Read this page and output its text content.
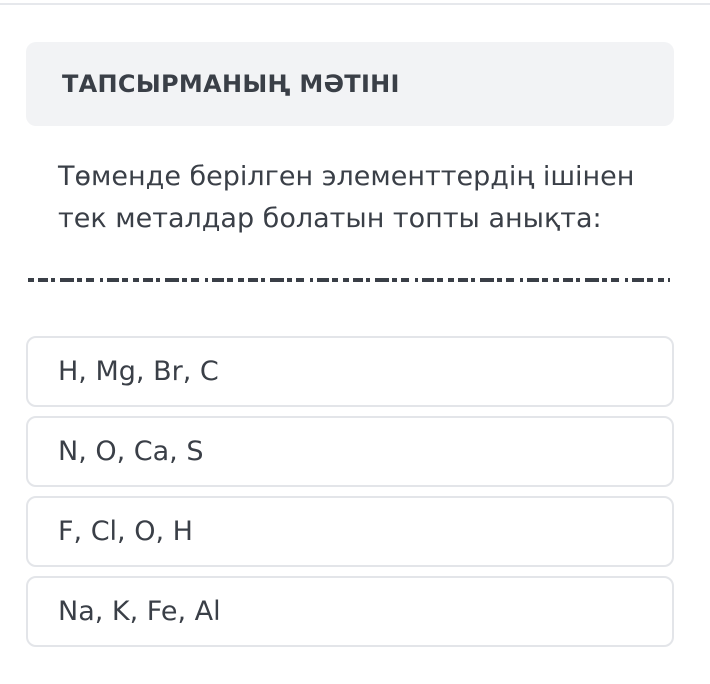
ТАПСЫРМАНЫҢ МӘТІНІ
Төменде берілген элементтердің ішінен
тек металдар болатын топты анықта:
H, Mg, Br, C
N, O, Ca, S
F, Cl, O, H
Na, K, Fe, Al
